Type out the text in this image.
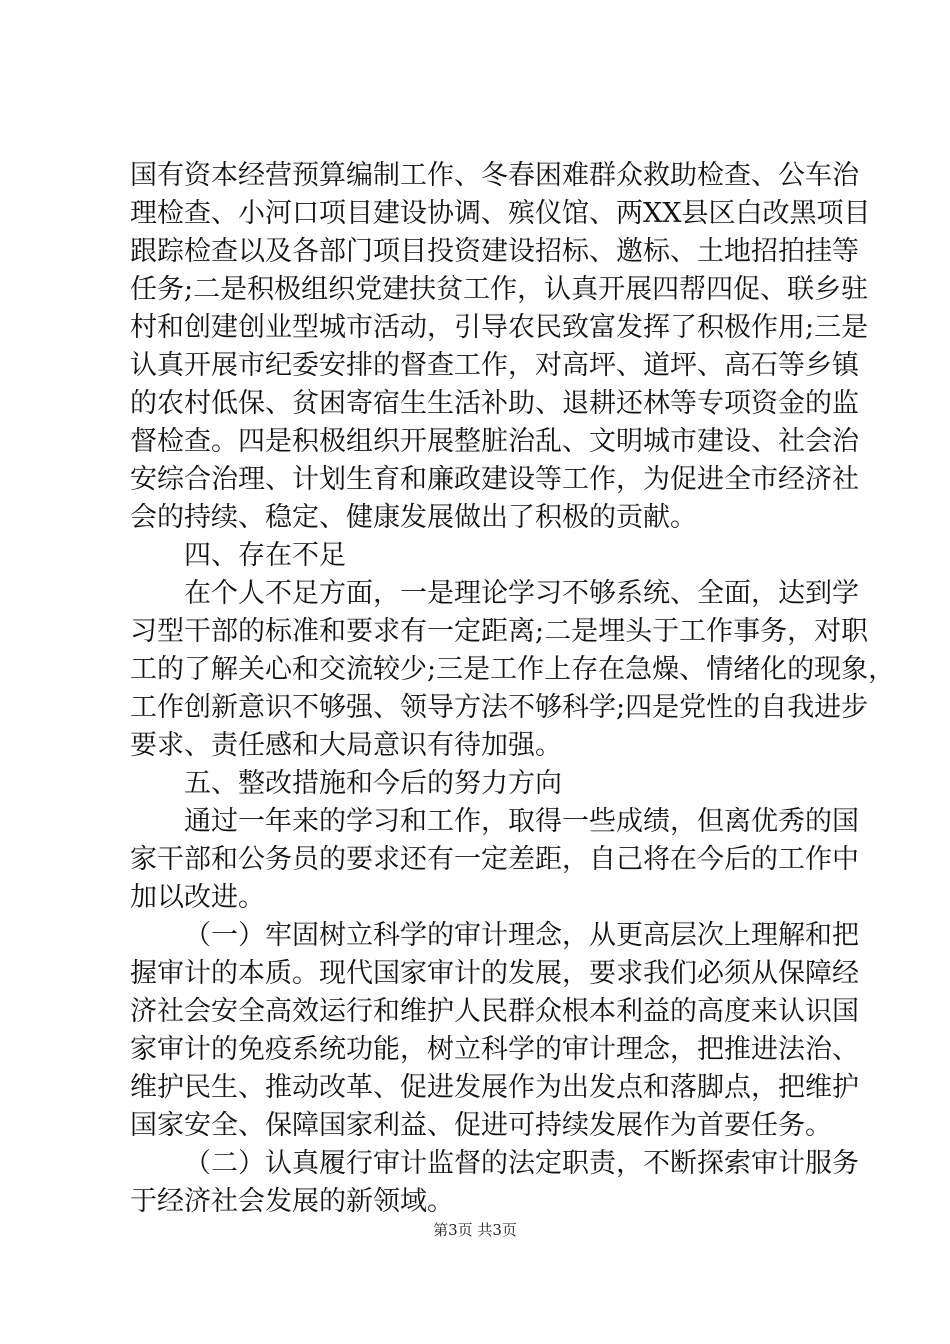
国有资本经营预算编制工作、冬春困难群众救助检查、公车治
理检查、小河口项目建设协调、殡仪馆、两XX县区白改黑项目
跟踪检查以及各部门项目投资建设招标、邀标、土地招拍挂等
任务;二是积极组织党建扶贫工作，认真开展四帮四促、联乡驻
村和创建创业型城市活动，引导农民致富发挥了积极作用;三是
认真开展市纪委安排的督查工作，对高坪、道坪、高石等乡镇
的农村低保、贫困寄宿生生活补助、退耕还林等专项资金的监
督检查。四是积极组织开展整脏治乱、文明城市建设、社会治
安综合治理、计划生育和廉政建设等工作，为促进全市经济社
会的持续、稳定、健康发展做出了积极的贡献。
四、存在不足
在个人不足方面，一是理论学习不够系统、全面，达到学
习型干部的标准和要求有一定距离;二是埋头于工作事务，对职
工的了解关心和交流较少;三是工作上存在急燥、情绪化的现象，
工作创新意识不够强、领导方法不够科学;四是党性的自我进步
要求、责任感和大局意识有待加强。
五、整改措施和今后的努力方向
通过一年来的学习和工作，取得一些成绩，但离优秀的国
家干部和公务员的要求还有一定差距，自己将在今后的工作中
加以改进。
（一）牢固树立科学的审计理念，从更高层次上理解和把
握审计的本质。现代国家审计的发展，要求我们必须从保障经
济社会安全高效运行和维护人民群众根本利益的高度来认识国
家审计的免疫系统功能，树立科学的审计理念，把推进法治、
维护民生、推动改革、促进发展作为出发点和落脚点，把维护
国家安全、保障国家利益、促进可持续发展作为首要任务。
（二）认真履行审计监督的法定职责，不断探索审计服务
于经济社会发展的新领域。
第3页 共3页
